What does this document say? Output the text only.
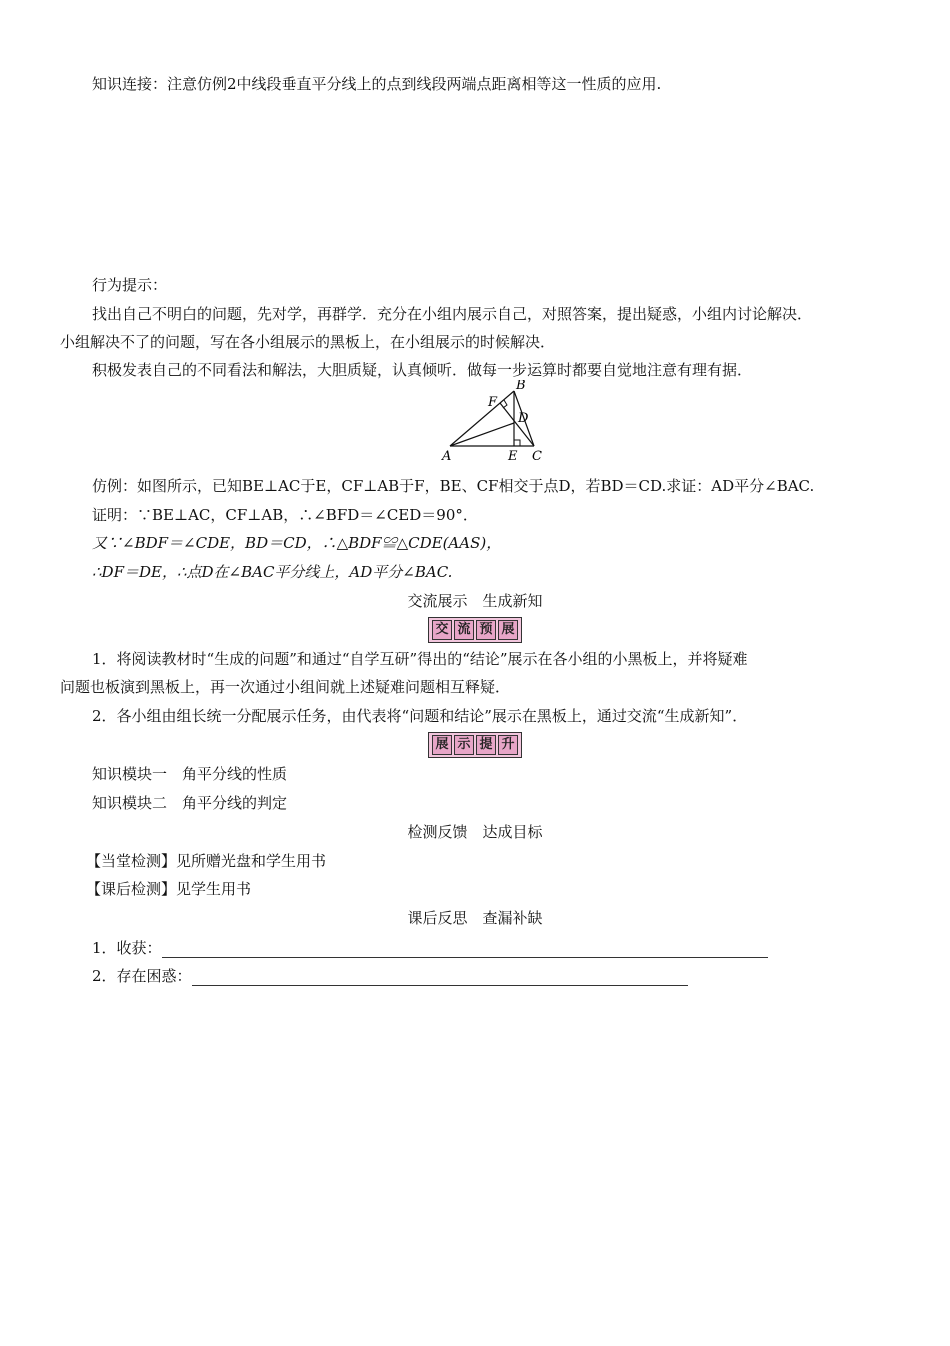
知识连接：注意仿例2中线段垂直平分线上的点到线段两端点距离相等这一性质的应用.
行为提示：
找出自己不明白的问题，先对学，再群学．充分在小组内展示自己，对照答案，提出疑惑，小组内讨论解决．
小组解决不了的问题，写在各小组展示的黑板上，在小组展示的时候解决．
积极发表自己的不同看法和解法，大胆质疑，认真倾听．做每一步运算时都要自觉地注意有理有据．
B
F
D
A	E C
仿例：如图所示，已知BE⊥AC于E，CF⊥AB于F，BE、CF相交于点D，若BD＝CD.求证：AD平分∠BAC.
证明：∵BE⊥AC，CF⊥AB，∴∠BFD＝∠CED＝90°．
又∵∠BDF＝∠CDE，BD＝CD，∴△BDF≌△CDE(AAS)，
∴DF＝DE，∴点D在∠BAC平分线上，AD平分∠BAC.
交流展示　生成新知
交 流 预 展
1．将阅读教材时“生成的问题”和通过“自学互研”得出的“结论”展示在各小组的小黑板上，并将疑难
问题也板演到黑板上，再一次通过小组间就上述疑难问题相互释疑．
2．各小组由组长统一分配展示任务，由代表将“问题和结论”展示在黑板上，通过交流“生成新知”．
展 示 提 升
知识模块一　角平分线的性质
知识模块二　角平分线的判定
检测反馈　达成目标
【当堂检测】见所赠光盘和学生用书
【课后检测】见学生用书
课后反思　查漏补缺
1．收获：
2．存在困惑：
